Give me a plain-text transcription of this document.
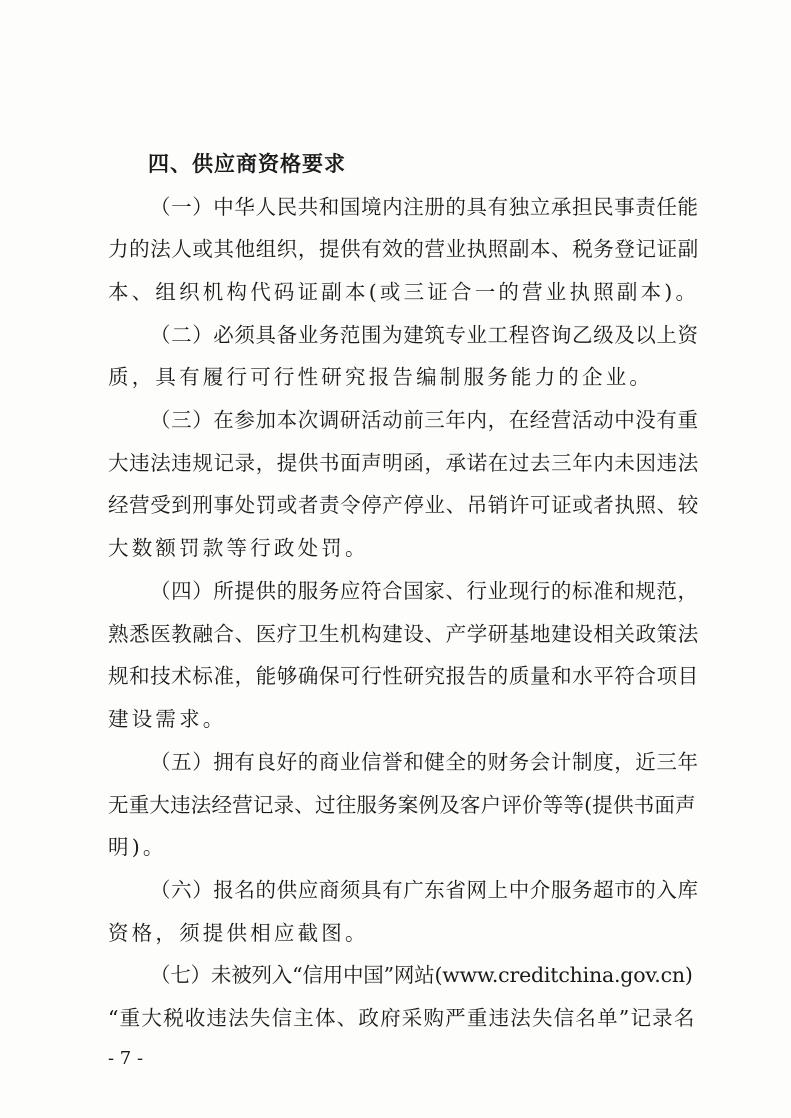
四、供应商资格要求
（一）中华人民共和国境内注册的具有独立承担民事责任能
力的法人或其他组织，提供有效的营业执照副本、税务登记证副
本、组织机构代码证副本(或三证合一的营业执照副本)。
（二）必须具备业务范围为建筑专业工程咨询乙级及以上资
质，具有履行可行性研究报告编制服务能力的企业。
（三）在参加本次调研活动前三年内，在经营活动中没有重
大违法违规记录，提供书面声明函，承诺在过去三年内未因违法
经营受到刑事处罚或者责令停产停业、吊销许可证或者执照、较
大数额罚款等行政处罚。
（四）所提供的服务应符合国家、行业现行的标准和规范，
熟悉医教融合、医疗卫生机构建设、产学研基地建设相关政策法
规和技术标准，能够确保可行性研究报告的质量和水平符合项目
建设需求。
（五）拥有良好的商业信誉和健全的财务会计制度，近三年
无重大违法经营记录、过往服务案例及客户评价等等(提供书面声
明)。
（六）报名的供应商须具有广东省网上中介服务超市的入库
资格，须提供相应截图。
（七）未被列入“信用中国”网站(www.creditchina.gov.cn)
“重大税收违法失信主体、政府采购严重违法失信名单”记录名
- 7 -
